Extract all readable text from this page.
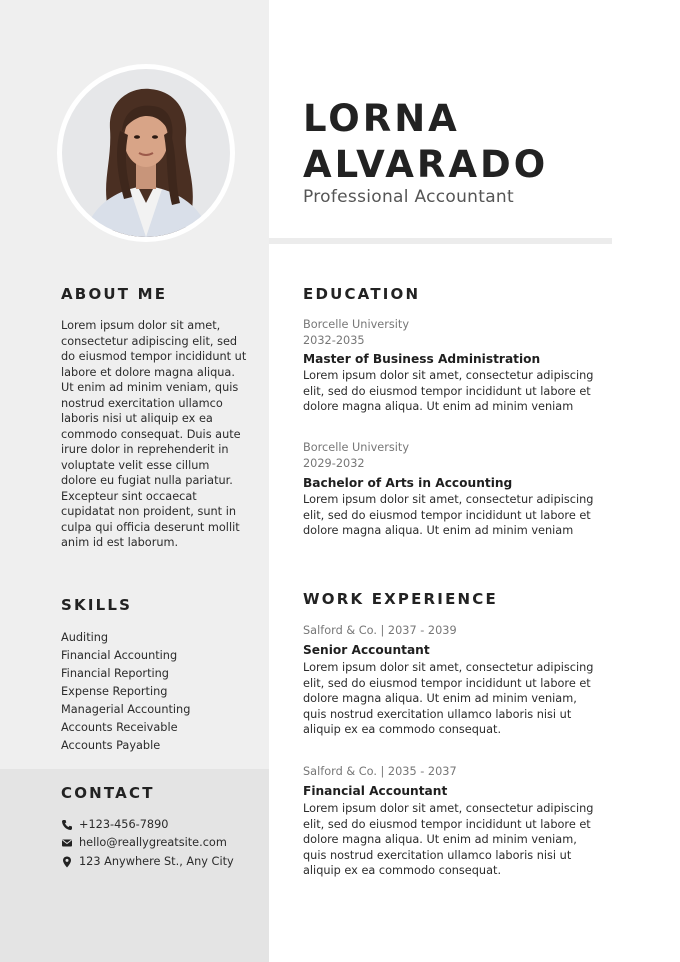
LORNA
ALVARADO
Professional Accountant
ABOUT ME
Lorem ipsum dolor sit amet, consectetur adipiscing elit, sed do eiusmod tempor incididunt ut labore et dolore magna aliqua. Ut enim ad minim veniam, quis nostrud exercitation ullamco laboris nisi ut aliquip ex ea commodo consequat. Duis aute irure dolor in reprehenderit in voluptate velit esse cillum dolore eu fugiat nulla pariatur. Excepteur sint occaecat cupidatat non proident, sunt in culpa qui officia deserunt mollit anim id est laborum.
SKILLS
Auditing
Financial Accounting
Financial Reporting
Expense Reporting
Managerial Accounting
Accounts Receivable
Accounts Payable
CONTACT
+123-456-7890
hello@reallygreatsite.com
123 Anywhere St., Any City
EDUCATION
Borcelle University
2032-2035
Master of Business Administration
Lorem ipsum dolor sit amet, consectetur adipiscing elit, sed do eiusmod tempor incididunt ut labore et dolore magna aliqua. Ut enim ad minim veniam
Borcelle University
2029-2032
Bachelor of Arts in Accounting
Lorem ipsum dolor sit amet, consectetur adipiscing elit, sed do eiusmod tempor incididunt ut labore et dolore magna aliqua. Ut enim ad minim veniam
WORK EXPERIENCE
Salford & Co. | 2037 - 2039
Senior Accountant
Lorem ipsum dolor sit amet, consectetur adipiscing elit, sed do eiusmod tempor incididunt ut labore et dolore magna aliqua. Ut enim ad minim veniam, quis nostrud exercitation ullamco laboris nisi ut aliquip ex ea commodo consequat.
Salford & Co. | 2035 - 2037
Financial Accountant
Lorem ipsum dolor sit amet, consectetur adipiscing elit, sed do eiusmod tempor incididunt ut labore et dolore magna aliqua. Ut enim ad minim veniam, quis nostrud exercitation ullamco laboris nisi ut aliquip ex ea commodo consequat.
